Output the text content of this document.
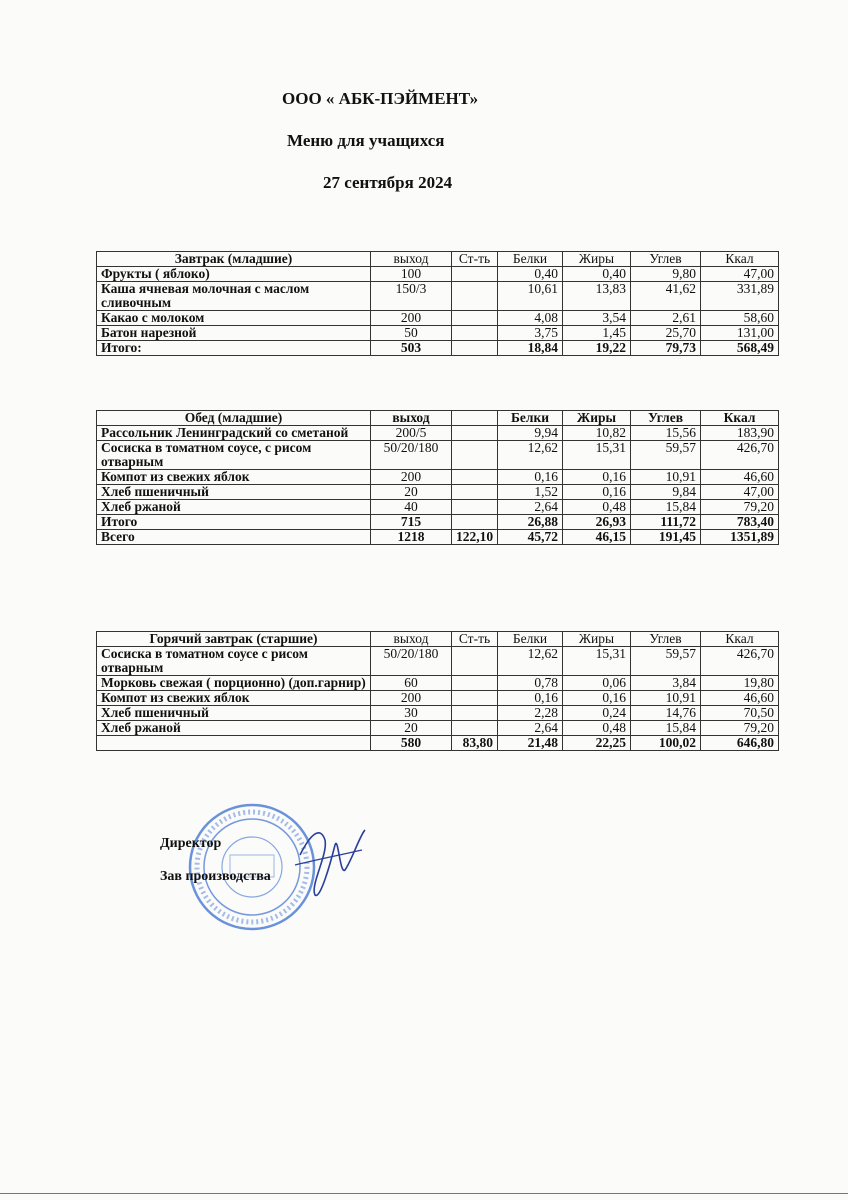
ООО « АБК-ПЭЙМЕНТ»
Меню для учащихся
27 сентября 2024
Завтрак (младшие)	выход	Ст-ть	Белки	Жиры	Углев	Ккал
Фрукты ( яблоко)	100		0,40	0,40	9,80	47,00
Каша ячневая молочная с маслом сливочным	150/3		10,61	13,83	41,62	331,89
Какао с молоком	200		4,08	3,54	2,61	58,60
Батон нарезной	50		3,75	1,45	25,70	131,00
Итого:	503		18,84	19,22	79,73	568,49
Обед (младшие)	выход		Белки	Жиры	Углев	Ккал
Рассольник Ленинградский со сметаной	200/5		9,94	10,82	15,56	183,90
Сосиска в томатном соусе, с рисом отварным	50/20/180		12,62	15,31	59,57	426,70
Компот из свежих яблок	200		0,16	0,16	10,91	46,60
Хлеб пшеничный	20		1,52	0,16	9,84	47,00
Хлеб ржаной	40		2,64	0,48	15,84	79,20
Итого	715		26,88	26,93	111,72	783,40
Всего	1218	122,10	45,72	46,15	191,45	1351,89
Горячий завтрак (старшие)	выход	Ст-ть	Белки	Жиры	Углев	Ккал
Сосиска в томатном соусе с рисом отварным	50/20/180		12,62	15,31	59,57	426,70
Морковь свежая ( порционно) (доп.гарнир)	60		0,78	0,06	3,84	19,80
Компот из свежих яблок	200		0,16	0,16	10,91	46,60
Хлеб пшеничный	30		2,28	0,24	14,76	70,50
Хлеб ржаной	20		2,64	0,48	15,84	79,20
	580	83,80	21,48	22,25	100,02	646,80
Директор
Зав производства
